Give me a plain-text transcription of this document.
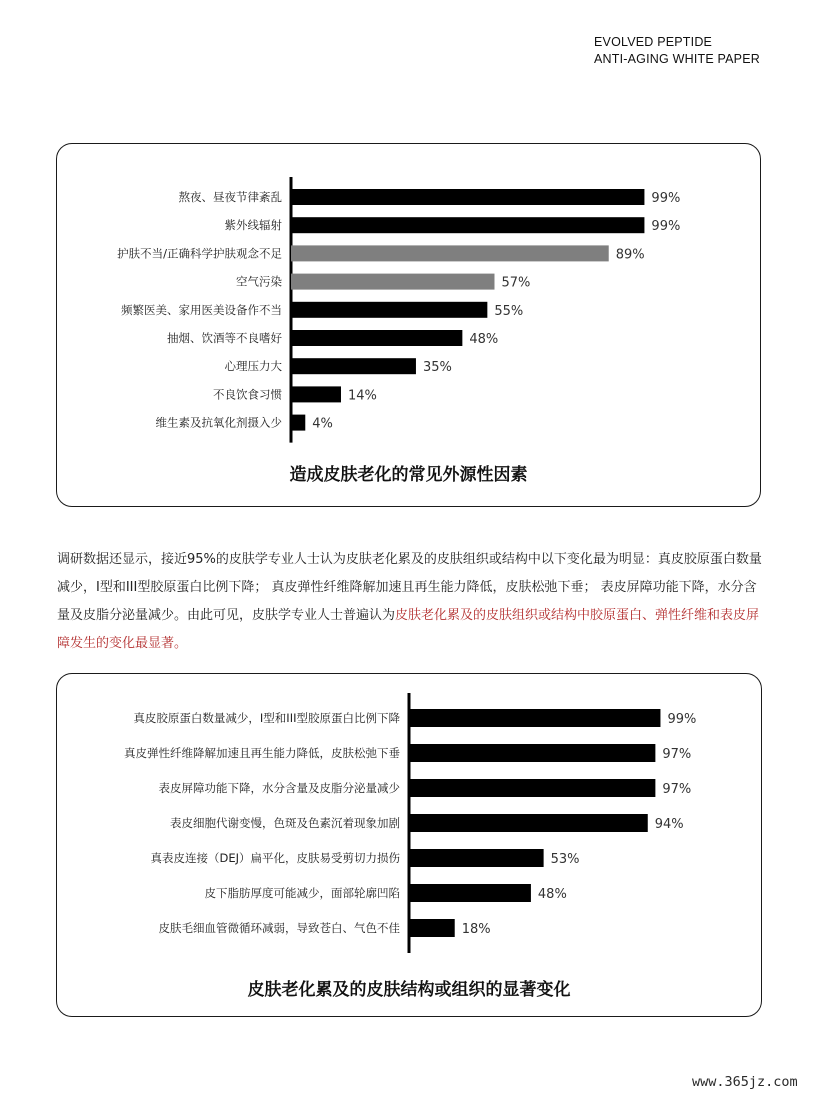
EVOLVED PEPTIDE
ANTI-AGING WHITE PAPER
熬夜、昼夜节律紊乱	99%
紫外线辐射	99%
护肤不当/正确科学护肤观念不足	89%
空气污染	57%
频繁医美、家用医美设备作不当	55%
抽烟、饮酒等不良嗜好	48%
心理压力大	35%
不良饮食习惯	14%
维生素及抗氧化剂摄入少 4%
造成皮肤老化的常见外源性因素

调研数据还显示，接近95%的皮肤学专业人士认为皮肤老化累及的皮肤组织或结构中以下变化最为明显：真皮胶原蛋白数量减少，I型和III型胶原蛋白比例下降； 真皮弹性纤维降解加速且再生能力降低，皮肤松弛下垂； 表皮屏障功能下降，水分含量及皮脂分泌量减少。由此可见，皮肤学专业人士普遍认为皮肤老化累及的皮肤组织或结构中胶原蛋白、弹性纤维和表皮屏障发生的变化最显著。

真皮胶原蛋白数量减少，I型和III型胶原蛋白比例下降	99%
真皮弹性纤维降解加速且再生能力降低，皮肤松弛下垂	97%
表皮屏障功能下降，水分含量及皮脂分泌量减少	97%
表皮细胞代谢变慢，色斑及色素沉着现象加剧	94%
真表皮连接（DEJ）扁平化，皮肤易受剪切力损伤	53%
皮下脂肪厚度可能减少，面部轮廓凹陷	48%
皮肤毛细血管微循环减弱，导致苍白、气色不佳	18%
皮肤老化累及的皮肤结构或组织的显著变化
www.365jz.com
